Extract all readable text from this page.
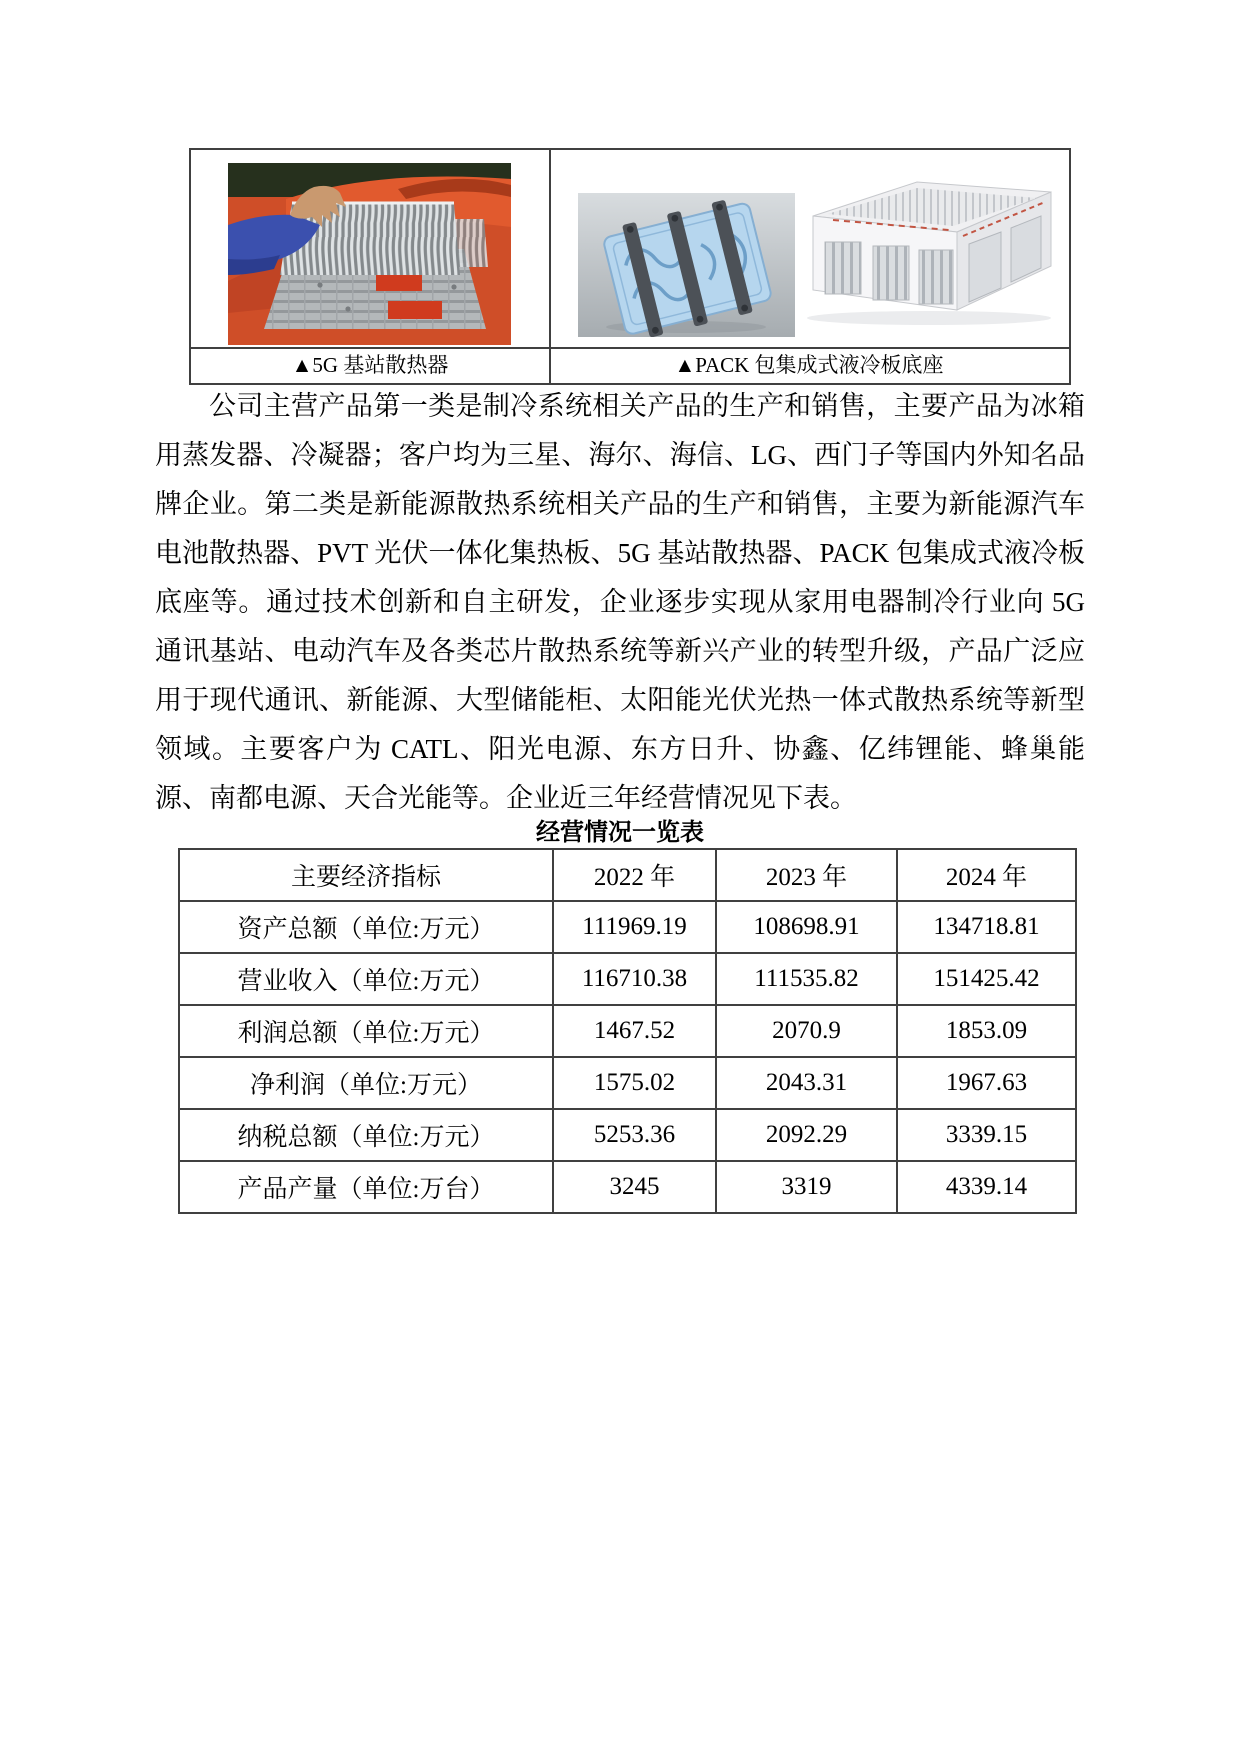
▲5G 基站散热器	▲PACK 包集成式液冷板底座

公司主营产品第一类是制冷系统相关产品的生产和销售，主要产品为冰箱用蒸发器、冷凝器；客户均为三星、海尔、海信、LG、西门子等国内外知名品牌企业。第二类是新能源散热系统相关产品的生产和销售，主要为新能源汽车电池散热器、PVT 光伏一体化集热板、5G 基站散热器、PACK 包集成式液冷板底座等。通过技术创新和自主研发，企业逐步实现从家用电器制冷行业向 5G 通讯基站、电动汽车及各类芯片散热系统等新兴产业的转型升级，产品广泛应用于现代通讯、新能源、大型储能柜、太阳能光伏光热一体式散热系统等新型领域。主要客户为 CATL、阳光电源、东方日升、协鑫、亿纬锂能、蜂巢能源、南都电源、天合光能等。企业近三年经营情况见下表。

经营情况一览表
主要经济指标	2022 年	2023 年	2024 年
资产总额（单位:万元）	111969.19	108698.91	134718.81
营业收入（单位:万元）	116710.38	111535.82	151425.42
利润总额（单位:万元）	1467.52	2070.9	1853.09
净利润（单位:万元）	1575.02	2043.31	1967.63
纳税总额（单位:万元）	5253.36	2092.29	3339.15
产品产量（单位:万台）	3245	3319	4339.14
